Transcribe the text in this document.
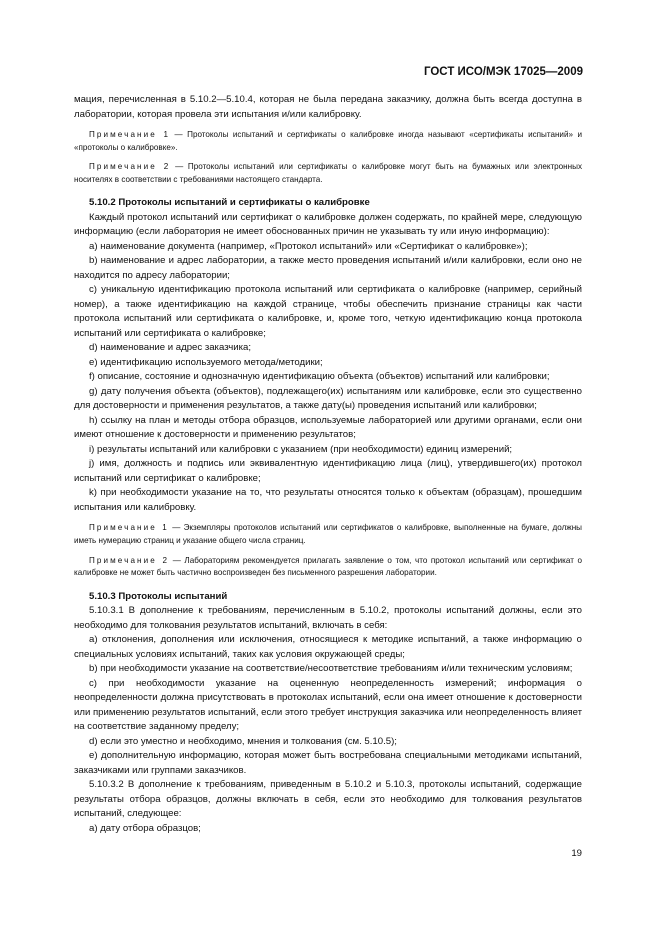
ГОСТ ИСО/МЭК 17025—2009

мация, перечисленная в 5.10.2—5.10.4, которая не была передана заказчику, должна быть всегда доступна в лаборатории, которая провела эти испытания и/или калибровку.

Примечание 1 — Протоколы испытаний и сертификаты о калибровке иногда называют «сертификаты испытаний» и «протоколы о калибровке».

Примечание 2 — Протоколы испытаний или сертификаты о калибровке могут быть на бумажных или электронных носителях в соответствии с требованиями настоящего стандарта.

5.10.2 Протоколы испытаний и сертификаты о калибровке

Каждый протокол испытаний или сертификат о калибровке должен содержать, по крайней мере, следующую информацию (если лаборатория не имеет обоснованных причин не указывать ту или иную информацию):

a) наименование документа (например, «Протокол испытаний» или «Сертификат о калибровке»);

b) наименование и адрес лаборатории, а также место проведения испытаний и/или калибровки, если оно не находится по адресу лаборатории;

c) уникальную идентификацию протокола испытаний или сертификата о калибровке (например, серийный номер), а также идентификацию на каждой странице, чтобы обеспечить признание страницы как части протокола испытаний или сертификата о калибровке, и, кроме того, четкую идентификацию конца протокола испытаний или сертификата о калибровке;

d) наименование и адрес заказчика;

e) идентификацию используемого метода/методики;

f) описание, состояние и однозначную идентификацию объекта (объектов) испытаний или калибровки;

g) дату получения объекта (объектов), подлежащего(их) испытаниям или калибровке, если это существенно для достоверности и применения результатов, а также дату(ы) проведения испытаний или калибровки;

h) ссылку на план и методы отбора образцов, используемые лабораторией или другими органами, если они имеют отношение к достоверности и применению результатов;

i) результаты испытаний или калибровки с указанием (при необходимости) единиц измерений;

j) имя, должность и подпись или эквивалентную идентификацию лица (лиц), утвердившего(их) протокол испытаний или сертификат о калибровке;

k) при необходимости указание на то, что результаты относятся только к объектам (образцам), прошедшим испытания или калибровку.

Примечание 1 — Экземпляры протоколов испытаний или сертификатов о калибровке, выполненные на бумаге, должны иметь нумерацию страниц и указание общего числа страниц.

Примечание 2 — Лабораториям рекомендуется прилагать заявление о том, что протокол испытаний или сертификат о калибровке не может быть частично воспроизведен без письменного разрешения лаборатории.

5.10.3 Протоколы испытаний

5.10.3.1 В дополнение к требованиям, перечисленным в 5.10.2, протоколы испытаний должны, если это необходимо для толкования результатов испытаний, включать в себя:

a) отклонения, дополнения или исключения, относящиеся к методике испытаний, а также информацию о специальных условиях испытаний, таких как условия окружающей среды;

b) при необходимости указание на соответствие/несоответствие требованиям и/или техническим условиям;

c) при необходимости указание на оцененную неопределенность измерений; информация о неопределенности должна присутствовать в протоколах испытаний, если она имеет отношение к достоверности или применению результатов испытаний, если этого требует инструкция заказчика или неопределенность влияет на соответствие заданному пределу;

d) если это уместно и необходимо, мнения и толкования (см. 5.10.5);

e) дополнительную информацию, которая может быть востребована специальными методиками испытаний, заказчиками или группами заказчиков.

5.10.3.2 В дополнение к требованиям, приведенным в 5.10.2 и 5.10.3, протоколы испытаний, содержащие результаты отбора образцов, должны включать в себя, если это необходимо для толкования результатов испытаний, следующее:

a) дату отбора образцов;

19
